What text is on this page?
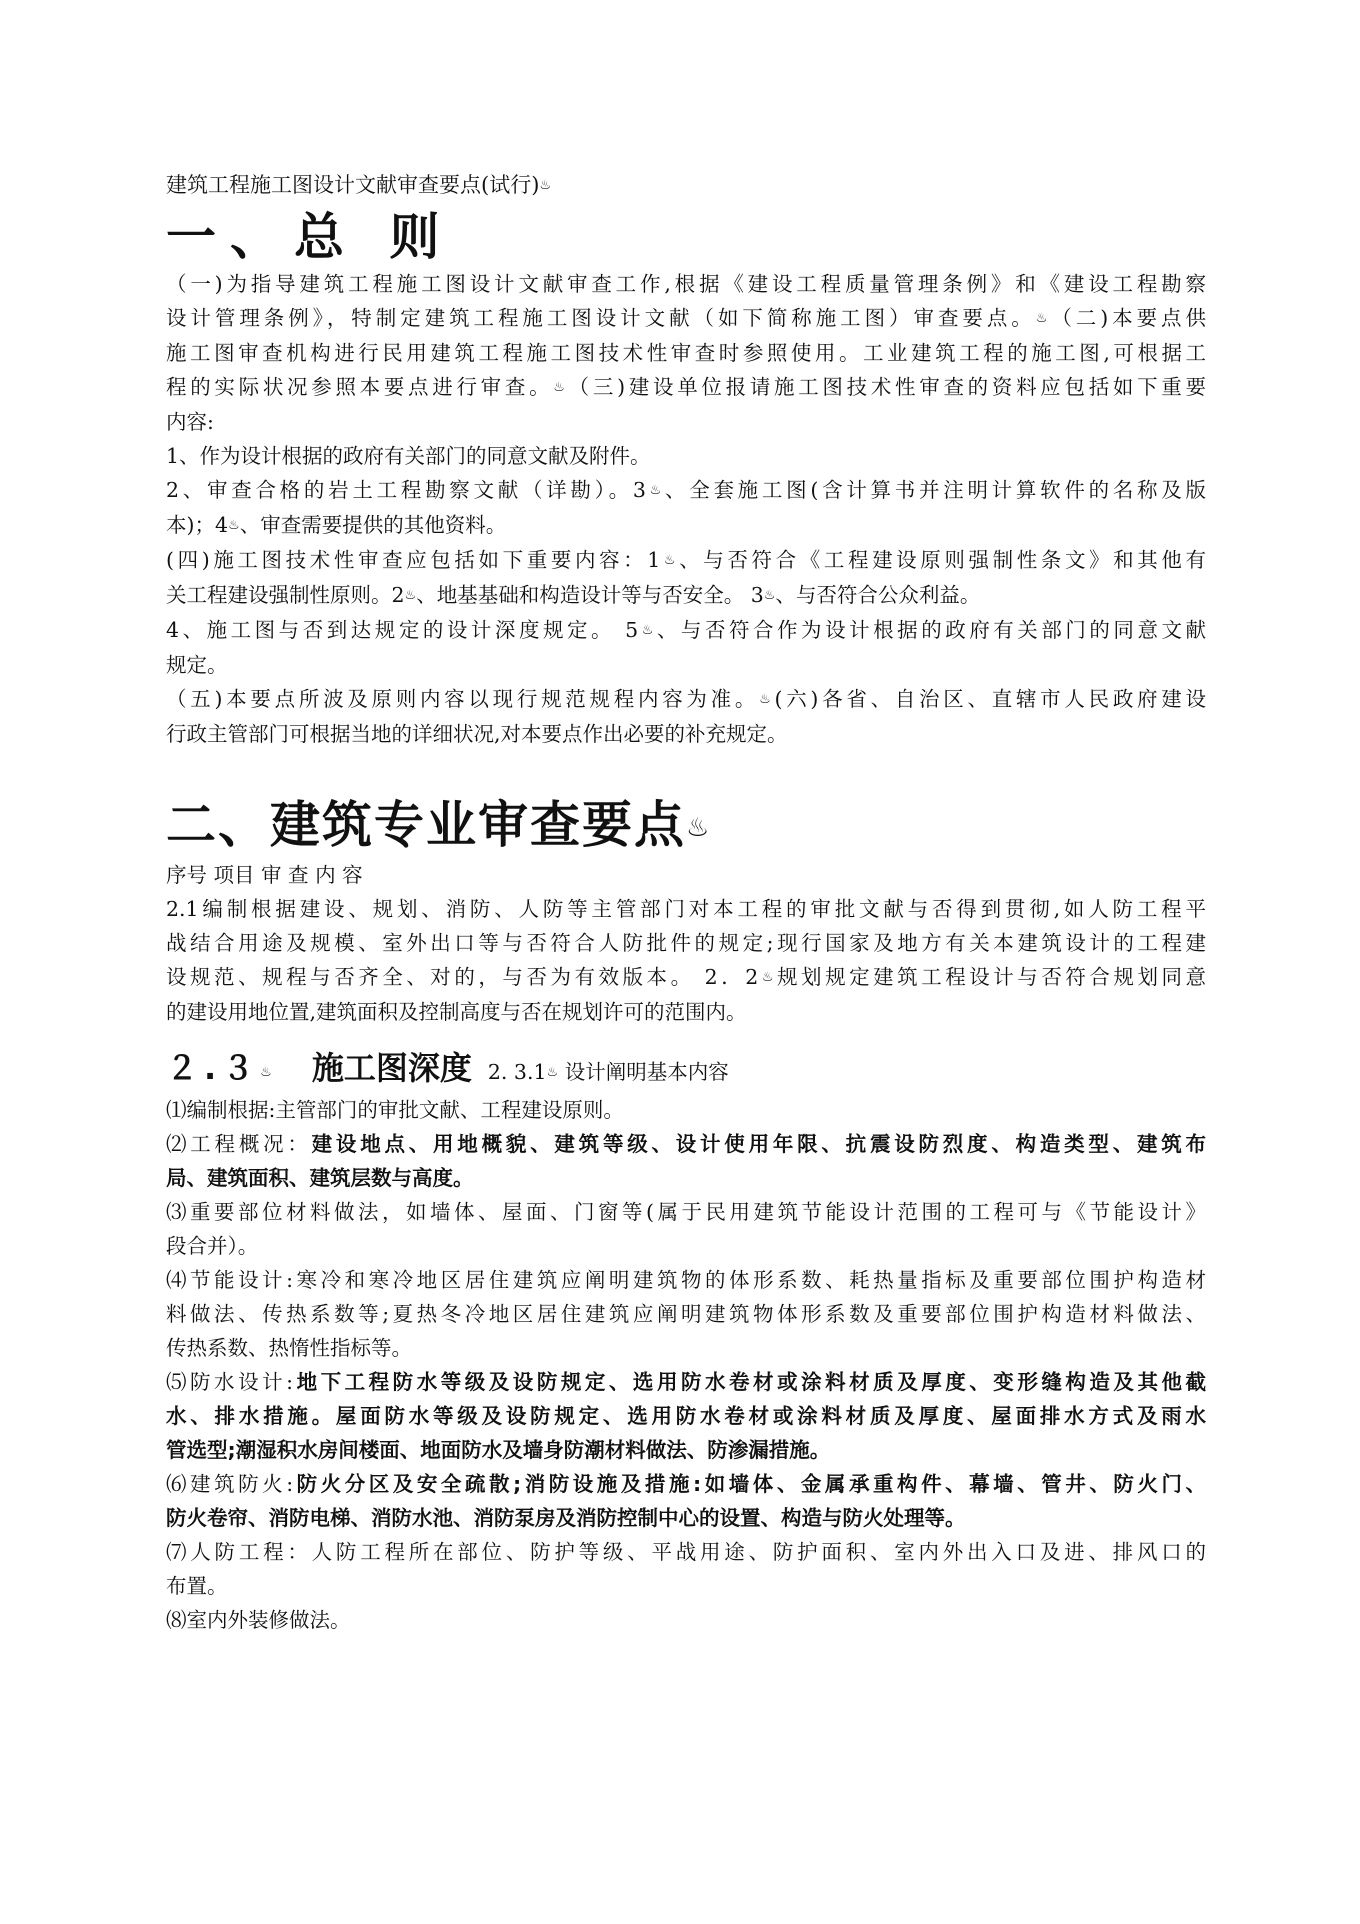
建筑工程施工图设计文献审查要点(试行)♨

一、总 则

（一)为指导建筑工程施工图设计文献审查工作,根据《建设工程质量管理条例》和《建设工程勘察

设计管理条例》，特制定建筑工程施工图设计文献（如下简称施工图）审查要点。♨（二)本要点供

施工图审查机构进行民用建筑工程施工图技术性审查时参照使用。工业建筑工程的施工图,可根据工

程的实际状况参照本要点进行审查。♨（三)建设单位报请施工图技术性审查的资料应包括如下重要

内容:

1、作为设计根据的政府有关部门的同意文献及附件。

2、审查合格的岩土工程勘察文献（详勘）。3♨、全套施工图(含计算书并注明计算软件的名称及版

本)；4♨、审查需要提供的其他资料。

(四)施工图技术性审查应包括如下重要内容：1♨、与否符合《工程建设原则强制性条文》和其他有

关工程建设强制性原则。2♨、地基基础和构造设计等与否安全。 3♨、与否符合公众利益。

4、施工图与否到达规定的设计深度规定。 5♨、与否符合作为设计根据的政府有关部门的同意文献

规定。

（五)本要点所波及原则内容以现行规范规程内容为准。♨(六)各省、自治区、直辖市人民政府建设

行政主管部门可根据当地的详细状况,对本要点作出必要的补充规定。

二、建筑专业审查要点♨

序号 项目 审 查 内 容

2.1编制根据建设、规划、消防、人防等主管部门对本工程的审批文献与否得到贯彻,如人防工程平

战结合用途及规模、室外出口等与否符合人防批件的规定;现行国家及地方有关本建筑设计的工程建

设规范、规程与否齐全、对的，与否为有效版本。 2．2♨规划规定建筑工程设计与否符合规划同意

的建设用地位置,建筑面积及控制高度与否在规划许可的范围内。

２.３♨ 施工图深度 2. 3.1♨ 设计阐明基本内容

⑴编制根据:主管部门的审批文献、工程建设原则。

⑵工程概况：建设地点、用地概貌、建筑等级、设计使用年限、抗震设防烈度、构造类型、建筑布

局、建筑面积、建筑层数与高度。

⑶重要部位材料做法，如墙体、屋面、门窗等(属于民用建筑节能设计范围的工程可与《节能设计》

段合并）。

⑷节能设计:寒冷和寒冷地区居住建筑应阐明建筑物的体形系数、耗热量指标及重要部位围护构造材

料做法、传热系数等;夏热冬冷地区居住建筑应阐明建筑物体形系数及重要部位围护构造材料做法、

传热系数、热惰性指标等。

⑸防水设计:地下工程防水等级及设防规定、选用防水卷材或涂料材质及厚度、变形缝构造及其他截

水、排水措施。屋面防水等级及设防规定、选用防水卷材或涂料材质及厚度、屋面排水方式及雨水

管选型;潮湿积水房间楼面、地面防水及墙身防潮材料做法、防渗漏措施。

⑹建筑防火:防火分区及安全疏散;消防设施及措施:如墙体、金属承重构件、幕墙、管井、防火门、

防火卷帘、消防电梯、消防水池、消防泵房及消防控制中心的设置、构造与防火处理等。

⑺人防工程：人防工程所在部位、防护等级、平战用途、防护面积、室内外出入口及进、排风口的

布置。

⑻室内外装修做法。
